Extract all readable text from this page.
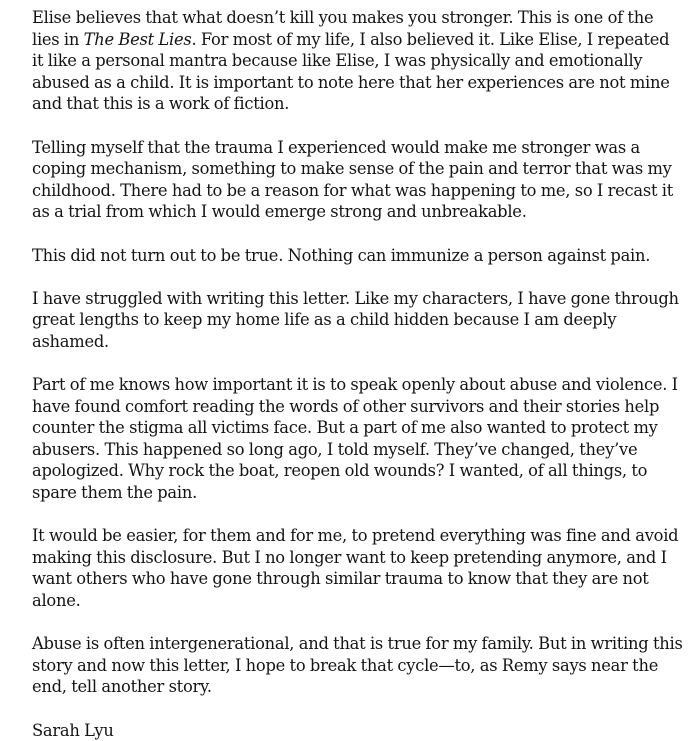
Elise believes that what doesn’t kill you makes you stronger. This is one of the lies in The Best Lies. For most of my life, I also believed it. Like Elise, I repeated it like a personal mantra because like Elise, I was physically and emotionally abused as a child. It is important to note here that her experiences are not mine and that this is a work of fiction.

Telling myself that the trauma I experienced would make me stronger was a coping mechanism, something to make sense of the pain and terror that was my childhood. There had to be a reason for what was happening to me, so I recast it as a trial from which I would emerge strong and unbreakable.

This did not turn out to be true. Nothing can immunize a person against pain.

I have struggled with writing this letter. Like my characters, I have gone through great lengths to keep my home life as a child hidden because I am deeply ashamed.

Part of me knows how important it is to speak openly about abuse and violence. I have found comfort reading the words of other survivors and their stories help counter the stigma all victims face. But a part of me also wanted to protect my abusers. This happened so long ago, I told myself. They’ve changed, they’ve apologized. Why rock the boat, reopen old wounds? I wanted, of all things, to spare them the pain.

It would be easier, for them and for me, to pretend everything was fine and avoid making this disclosure. But I no longer want to keep pretending anymore, and I want others who have gone through similar trauma to know that they are not alone.

Abuse is often intergenerational, and that is true for my family. But in writing this story and now this letter, I hope to break that cycle—to, as Remy says near the end, tell another story.

Sarah Lyu
